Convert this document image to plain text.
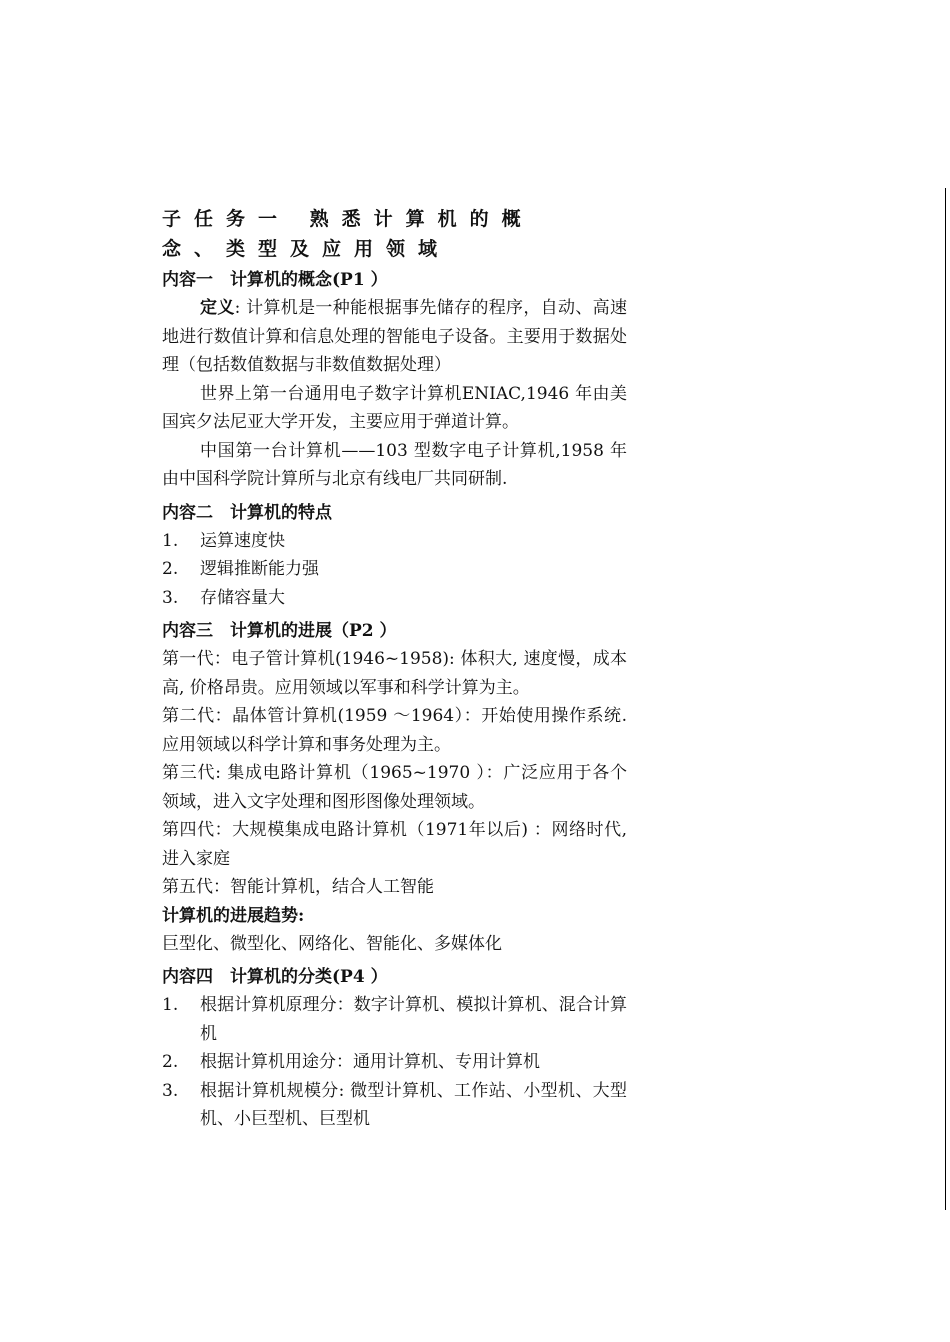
子任务一 熟悉计算机的概
念、类型及应用领域
内容一　计算机的概念(P1 ）

定义: 计算机是一种能根据事先储存的程序，自动、高速地进行数值计算和信息处理的智能电子设备。主要用于数据处理（包括数值数据与非数值数据处理）

世界上第一台通用电子数字计算机ENIAC,1946 年由美国宾夕法尼亚大学开发，主要应用于弹道计算。

中国第一台计算机——103 型数字电子计算机,1958 年由中国科学院计算所与北京有线电厂共同研制.

内容二　计算机的特点
1. 运算速度快
2. 逻辑推断能力强
3. 存储容量大
内容三　计算机的进展（P2 ）

第一代：电子管计算机(1946~1958): 体积大, 速度慢，成本高, 价格昂贵。应用领域以军事和科学计算为主。

第二代：晶体管计算机(1959 ～1964）：开始使用操作系统. 应用领域以科学计算和事务处理为主。

第三代: 集成电路计算机（1965~1970 ）：广泛应用于各个领域，进入文字处理和图形图像处理领域。

第四代：大规模集成电路计算机（1971年以后) ：网络时代, 进入家庭

第五代：智能计算机，结合人工智能

计算机的进展趋势:

巨型化、微型化、网络化、智能化、多媒体化

内容四　计算机的分类(P4 ）
1. 根据计算机原理分：数字计算机、模拟计算机、混合计算机
2. 根据计算机用途分：通用计算机、专用计算机
3. 根据计算机规模分: 微型计算机、工作站、小型机、大型机、小巨型机、巨型机
